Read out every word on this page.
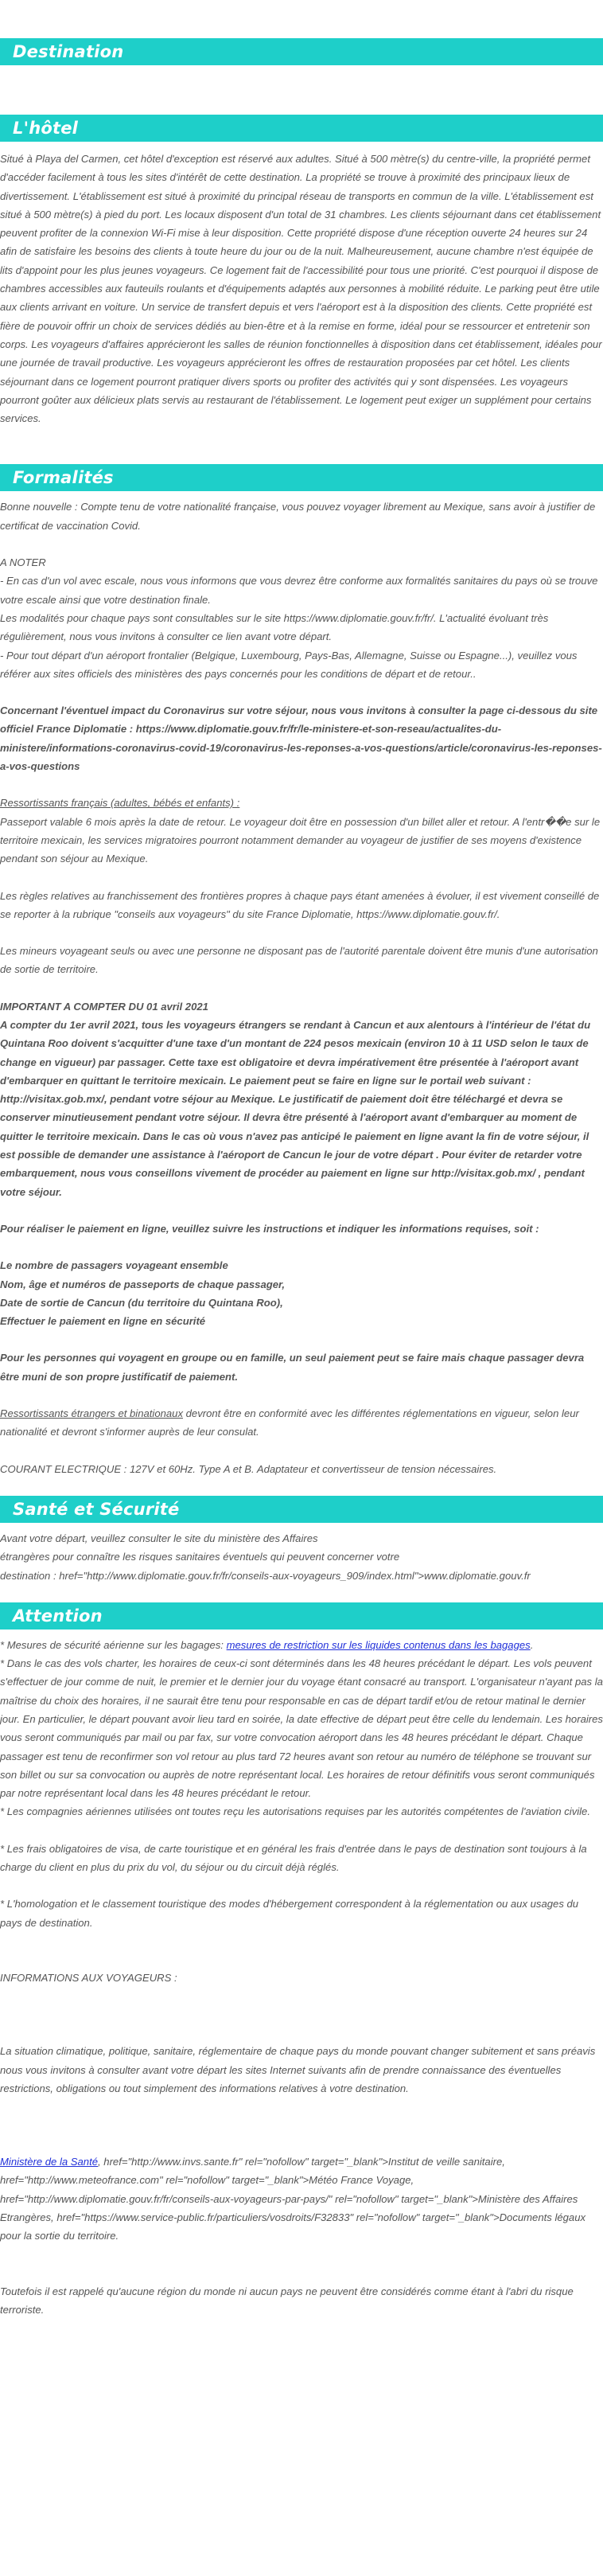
Destination
L'hôtel

Situé à Playa del Carmen, cet hôtel d'exception est réservé aux adultes. Situé à 500 mètre(s) du centre-ville, la propriété permet d'accéder facilement à tous les sites d'intérêt de cette destination. La propriété se trouve à proximité des principaux lieux de divertissement. L'établissement est situé à proximité du principal réseau de transports en commun de la ville. L'établissement est situé à 500 mètre(s) à pied du port. Les locaux disposent d'un total de 31 chambres. Les clients séjournant dans cet établissement peuvent profiter de la connexion Wi-Fi mise à leur disposition. Cette propriété dispose d'une réception ouverte 24 heures sur 24 afin de satisfaire les besoins des clients à toute heure du jour ou de la nuit. Malheureusement, aucune chambre n'est équipée de lits d'appoint pour les plus jeunes voyageurs. Ce logement fait de l'accessibilité pour tous une priorité. C'est pourquoi il dispose de chambres accessibles aux fauteuils roulants et d'équipements adaptés aux personnes à mobilité réduite. Le parking peut être utile aux clients arrivant en voiture. Un service de transfert depuis et vers l'aéroport est à la disposition des clients. Cette propriété est fière de pouvoir offrir un choix de services dédiés au bien-être et à la remise en forme, idéal pour se ressourcer et entretenir son corps. Les voyageurs d'affaires apprécieront les salles de réunion fonctionnelles à disposition dans cet établissement, idéales pour une journée de travail productive. Les voyageurs apprécieront les offres de restauration proposées par cet hôtel. Les clients séjournant dans ce logement pourront pratiquer divers sports ou profiter des activités qui y sont dispensées. Les voyageurs pourront goûter aux délicieux plats servis au restaurant de l'établissement. Le logement peut exiger un supplément pour certains services.

Formalités

Bonne nouvelle : Compte tenu de votre nationalité française, vous pouvez voyager librement au Mexique, sans avoir à justifier de certificat de vaccination Covid.

A NOTER

- En cas d'un vol avec escale, nous vous informons que vous devrez être conforme aux formalités sanitaires du pays où se trouve votre escale ainsi que votre destination finale.

Les modalités pour chaque pays sont consultables sur le site https://www.diplomatie.gouv.fr/fr/. L'actualité évoluant très régulièrement, nous vous invitons à consulter ce lien avant votre départ.

- Pour tout départ d'un aéroport frontalier (Belgique, Luxembourg, Pays-Bas, Allemagne, Suisse ou Espagne...), veuillez vous référer aux sites officiels des ministères des pays concernés pour les conditions de départ et de retour..

Concernant l'éventuel impact du Coronavirus sur votre séjour, nous vous invitons à consulter la page ci-dessous du site officiel France Diplomatie : https://www.diplomatie.gouv.fr/fr/le-ministere-et-son-reseau/actualites-du-ministere/informations-coronavirus-covid-19/coronavirus-les-reponses-a-vos-questions/article/coronavirus-les-reponses-a-vos-questions

Ressortissants français (adultes, bébés et enfants) :

Passeport valable 6 mois après la date de retour. Le voyageur doit être en possession d'un billet aller et retour. A l'entr��e sur le territoire mexicain, les services migratoires pourront notamment demander au voyageur de justifier de ses moyens d'existence pendant son séjour au Mexique.

Les règles relatives au franchissement des frontières propres à chaque pays étant amenées à évoluer, il est vivement conseillé de se reporter à la rubrique "conseils aux voyageurs" du site France Diplomatie, https://www.diplomatie.gouv.fr/.

Les mineurs voyageant seuls ou avec une personne ne disposant pas de l'autorité parentale doivent être munis d'une autorisation de sortie de territoire.

IMPORTANT A COMPTER DU 01 avril 2021
A compter du 1er avril 2021, tous les voyageurs étrangers se rendant à Cancun et aux alentours à l'intérieur de l'état du Quintana Roo doivent s'acquitter d'une taxe d'un montant de 224 pesos mexicain (environ 10 à 11 USD selon le taux de change en vigueur) par passager. Cette taxe est obligatoire et devra impérativement être présentée à l'aéroport avant d'embarquer en quittant le territoire mexicain. Le paiement peut se faire en ligne sur le portail web suivant : http://visitax.gob.mx/, pendant votre séjour au Mexique. Le justificatif de paiement doit être téléchargé et devra se conserver minutieusement pendant votre séjour. Il devra être présenté à l'aéroport avant d'embarquer au moment de quitter le territoire mexicain. Dans le cas où vous n'avez pas anticipé le paiement en ligne avant la fin de votre séjour, il est possible de demander une assistance à l'aéroport de Cancun le jour de votre départ . Pour éviter de retarder votre embarquement, nous vous conseillons vivement de procéder au paiement en ligne sur http://visitax.gob.mx/ , pendant votre séjour.

Pour réaliser le paiement en ligne, veuillez suivre les instructions et indiquer les informations requises, soit :

Le nombre de passagers voyageant ensemble
Nom, âge et numéros de passeports de chaque passager,
Date de sortie de Cancun (du territoire du Quintana Roo),
Effectuer le paiement en ligne en sécurité

Pour les personnes qui voyagent en groupe ou en famille, un seul paiement peut se faire mais chaque passager devra être muni de son propre justificatif de paiement.

Ressortissants étrangers et binationaux devront être en conformité avec les différentes réglementations en vigueur, selon leur nationalité et devront s'informer auprès de leur consulat.

COURANT ELECTRIQUE : 127V et 60Hz. Type A et B. Adaptateur et convertisseur de tension nécessaires.

Santé et Sécurité

Avant votre départ, veuillez consulter le site du ministère des Affaires
étrangères pour connaître les risques sanitaires éventuels qui peuvent concerner votre
destination : href="http://www.diplomatie.gouv.fr/fr/conseils-aux-voyageurs_909/index.html">www.diplomatie.gouv.fr

Attention

* Mesures de sécurité aérienne sur les bagages: mesures de restriction sur les liquides contenus dans les bagages.

* Dans le cas des vols charter, les horaires de ceux-ci sont déterminés dans les 48 heures précédant le départ. Les vols peuvent s'effectuer de jour comme de nuit, le premier et le dernier jour du voyage étant consacré au transport. L'organisateur n'ayant pas la maîtrise du choix des horaires, il ne saurait être tenu pour responsable en cas de départ tardif et/ou de retour matinal le dernier jour. En particulier, le départ pouvant avoir lieu tard en soirée, la date effective de départ peut être celle du lendemain. Les horaires vous seront communiqués par mail ou par fax, sur votre convocation aéroport dans les 48 heures précédant le départ. Chaque passager est tenu de reconfirmer son vol retour au plus tard 72 heures avant son retour au numéro de téléphone se trouvant sur son billet ou sur sa convocation ou auprès de notre représentant local. Les horaires de retour définitifs vous seront communiqués par notre représentant local dans les 48 heures précédant le retour.

* Les compagnies aériennes utilisées ont toutes reçu les autorisations requises par les autorités compétentes de l'aviation civile.

* Les frais obligatoires de visa, de carte touristique et en général les frais d'entrée dans le pays de destination sont toujours à la charge du client en plus du prix du vol, du séjour ou du circuit déjà réglés.

* L'homologation et le classement touristique des modes d'hébergement correspondent à la réglementation ou aux usages du pays de destination.

INFORMATIONS AUX VOYAGEURS :

La situation climatique, politique, sanitaire, réglementaire de chaque pays du monde pouvant changer subitement et sans préavis
nous vous invitons à consulter avant votre départ les sites Internet suivants afin de prendre connaissance des éventuelles restrictions, obligations ou tout simplement des informations relatives à votre destination.

Ministère de la Santé, href="http://www.invs.sante.fr" rel="nofollow" target="_blank">Institut de veille sanitaire, href="http://www.meteofrance.com" rel="nofollow" target="_blank">Météo France Voyage, href="http://www.diplomatie.gouv.fr/fr/conseils-aux-voyageurs-par-pays/" rel="nofollow" target="_blank">Ministère des Affaires Etrangères, href="https://www.service-public.fr/particuliers/vosdroits/F32833" rel="nofollow" target="_blank">Documents légaux pour la sortie du territoire.

Toutefois il est rappelé qu'aucune région du monde ni aucun pays ne peuvent être considérés comme étant à l'abri du risque terroriste.
